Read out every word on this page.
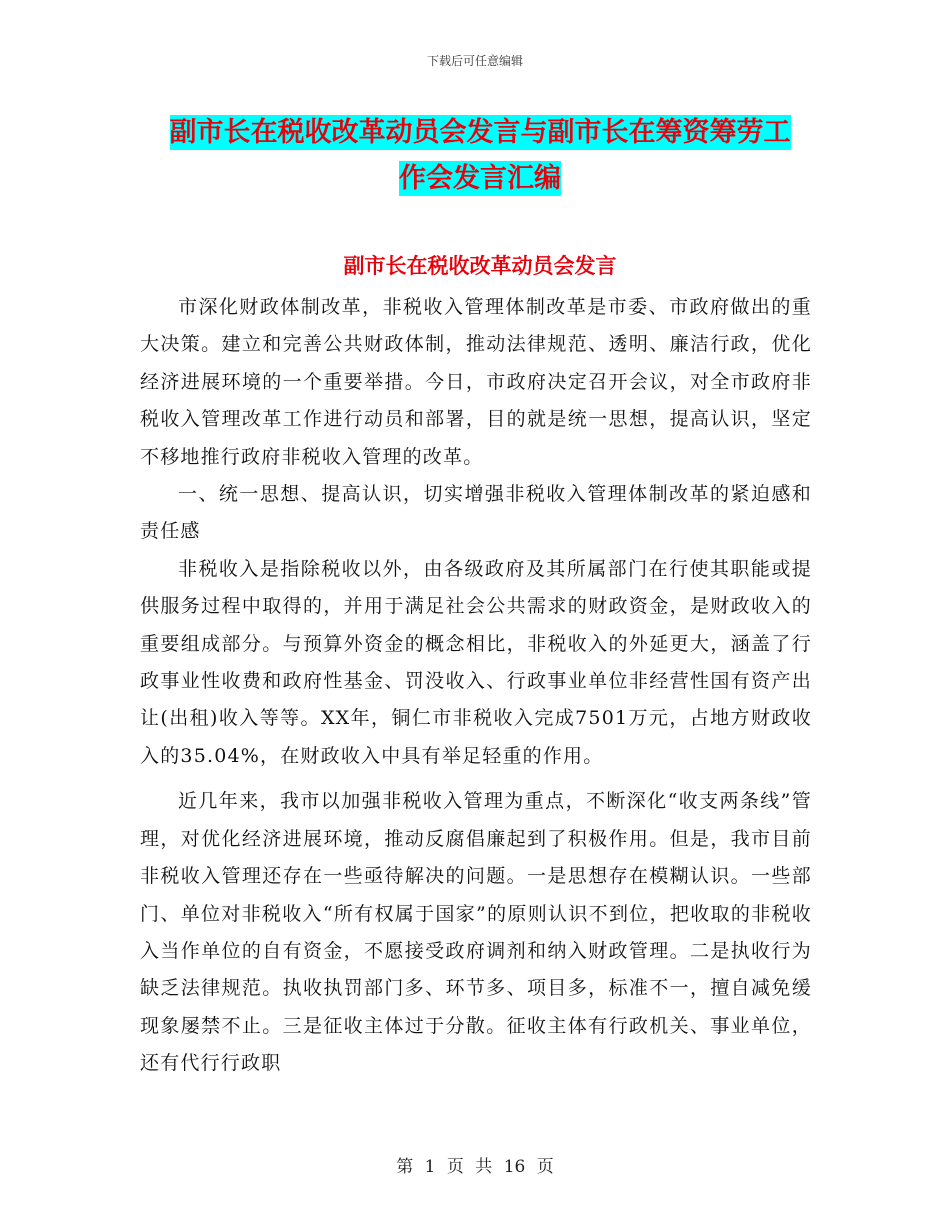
下载后可任意编辑
副市长在税收改革动员会发言与副市长在筹资筹劳工
作会发言汇编
副市长在税收改革动员会发言

市深化财政体制改革，非税收入管理体制改革是市委、市政府做出的重大决策。建立和完善公共财政体制，推动法律规范、透明、廉洁行政，优化经济进展环境的一个重要举措。今日，市政府决定召开会议，对全市政府非税收入管理改革工作进行动员和部署，目的就是统一思想，提高认识，坚定不移地推行政府非税收入管理的改革。

一、统一思想、提高认识，切实增强非税收入管理体制改革的紧迫感和责任感

非税收入是指除税收以外，由各级政府及其所属部门在行使其职能或提供服务过程中取得的，并用于满足社会公共需求的财政资金，是财政收入的重要组成部分。与预算外资金的概念相比，非税收入的外延更大，涵盖了行政事业性收费和政府性基金、罚没收入、行政事业单位非经营性国有资产出让(出租)收入等等。XX年，铜仁市非税收入完成7501万元，占地方财政收入的35.04%，在财政收入中具有举足轻重的作用。

近几年来，我市以加强非税收入管理为重点，不断深化“收支两条线”管理，对优化经济进展环境，推动反腐倡廉起到了积极作用。但是，我市目前非税收入管理还存在一些亟待解决的问题。一是思想存在模糊认识。一些部门、单位对非税收入“所有权属于国家”的原则认识不到位，把收取的非税收入当作单位的自有资金，不愿接受政府调剂和纳入财政管理。二是执收行为缺乏法律规范。执收执罚部门多、环节多、项目多，标准不一，擅自减免缓现象屡禁不止。三是征收主体过于分散。征收主体有行政机关、事业单位，还有代行行政职

第 1 页 共 16 页
